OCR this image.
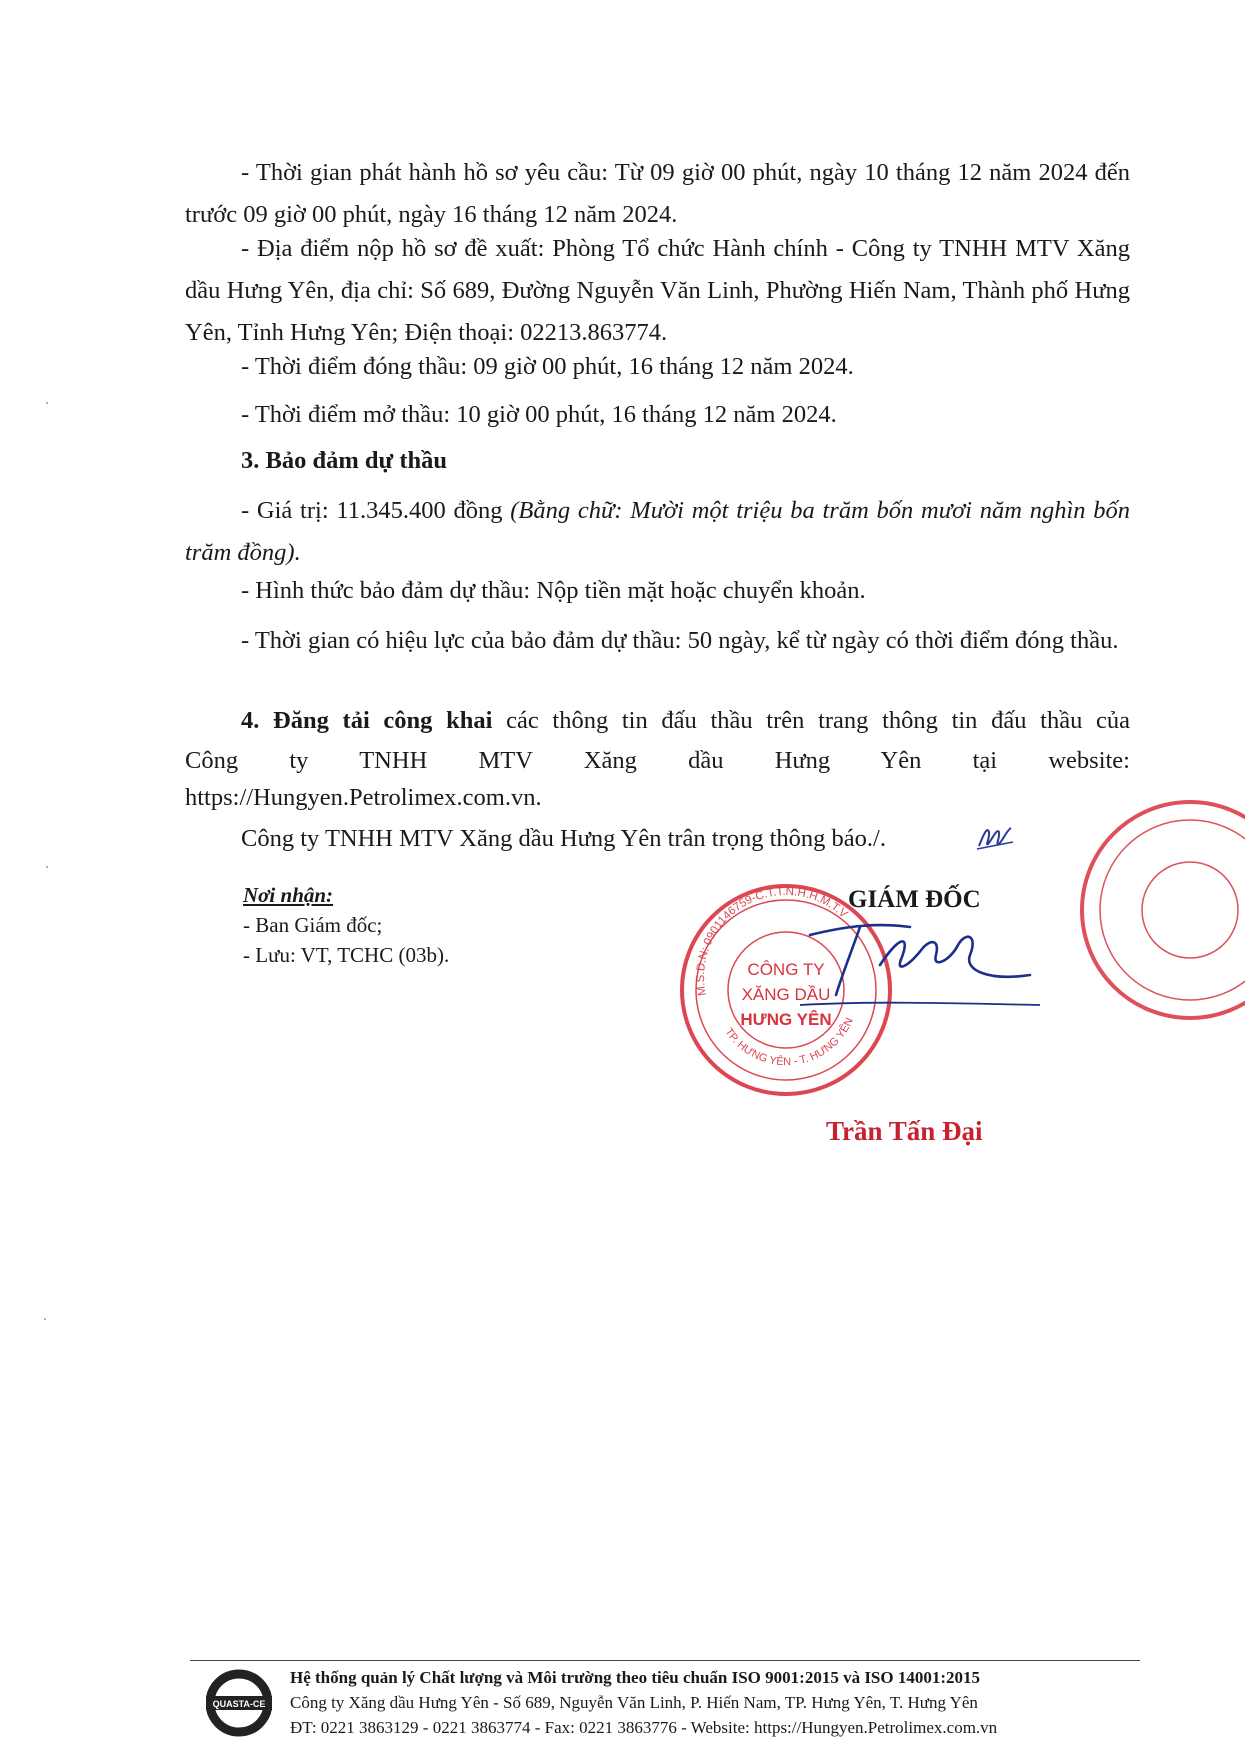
- Thời gian phát hành hồ sơ yêu cầu: Từ 09 giờ 00 phút, ngày 10 tháng 12 năm 2024 đến trước 09 giờ 00 phút, ngày 16 tháng 12 năm 2024.

- Địa điểm nộp hồ sơ đề xuất: Phòng Tổ chức Hành chính - Công ty TNHH MTV Xăng dầu Hưng Yên, địa chỉ: Số 689, Đường Nguyễn Văn Linh, Phường Hiến Nam, Thành phố Hưng Yên, Tỉnh Hưng Yên; Điện thoại: 02213.863774.

- Thời điểm đóng thầu: 09 giờ 00 phút, 16 tháng 12 năm 2024.

- Thời điểm mở thầu: 10 giờ 00 phút, 16 tháng 12 năm 2024.

3. Bảo đảm dự thầu

- Giá trị: 11.345.400 đồng (Bằng chữ: Mười một triệu ba trăm bốn mươi năm nghìn bốn trăm đồng).

- Hình thức bảo đảm dự thầu: Nộp tiền mặt hoặc chuyển khoản.

- Thời gian có hiệu lực của bảo đảm dự thầu: 50 ngày, kể từ ngày có thời điểm đóng thầu.

4. Đăng tải công khai các thông tin đấu thầu trên trang thông tin đấu thầu của

Công ty TNHH MTV Xăng dầu Hưng Yên tại website:

https://Hungyen.Petrolimex.com.vn.

Công ty TNHH MTV Xăng dầu Hưng Yên trân trọng thông báo./.

Nơi nhận:
- Ban Giám đốc;
- Lưu: VT, TCHC (03b).
M.S.D.N: 0901146759-C.T.T.N.H.H.M.T.V
TP. HƯNG YÊN - T. HƯNG YÊN
CÔNG TY
XĂNG DẦU
HƯNG YÊN
GIÁM ĐỐC
Trần Tấn Đại
QUASTA-CE
Hệ thống quản lý Chất lượng và Môi trường theo tiêu chuẩn ISO 9001:2015 và ISO 14001:2015
Công ty Xăng dầu Hưng Yên - Số 689, Nguyễn Văn Linh, P. Hiến Nam, TP. Hưng Yên, T. Hưng Yên
ĐT: 0221 3863129 - 0221 3863774 - Fax: 0221 3863776 - Website: https://Hungyen.Petrolimex.com.vn
